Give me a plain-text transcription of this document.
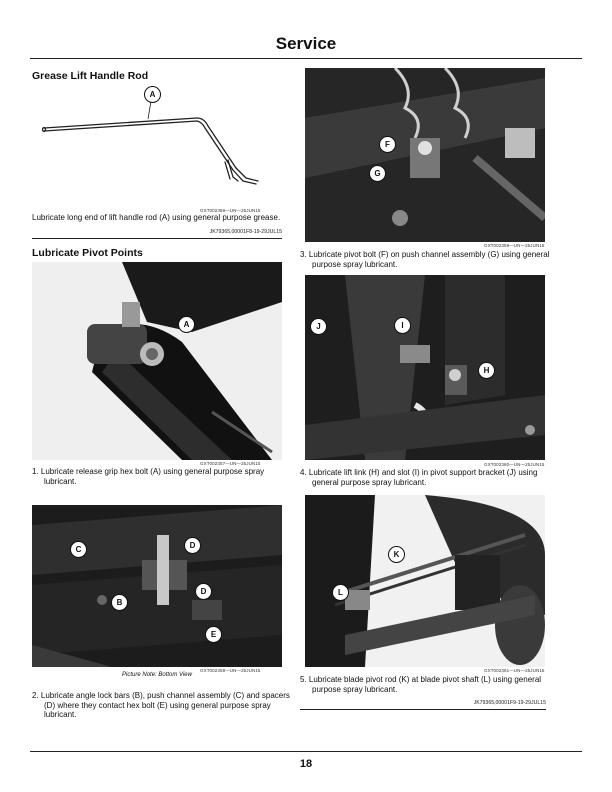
Service
Grease Lift Handle Rod
A
GXT002359—UN—25JUN15
Lubricate long end of lift handle rod (A) using general purpose grease.
JK79365,00001F8-19-29JUL15
Lubricate Pivot Points
A
GXT002357—UN—25JUN15
1. Lubricate release grip hex bolt (A) using general purpose spray lubricant.
C	D
B
D
E
Picture Note: Bottom View
GXT002358—UN—25JUN15
2. Lubricate angle lock bars (B), push channel assembly (C) and spacers (D) where they contact hex bolt (E) using general purpose spray lubricant.
F
G
GXT002359—UN—25JUN15
3. Lubricate pivot bolt (F) on push channel assembly (G) using general purpose spray lubricant.
J	I
H
GXT002360—UN—25JUN15
4. Lubricate lift link (H) and slot (I) in pivot support bracket (J) using general purpose spray lubricant.
K
L
GXT002361—UN—25JUN15
5. Lubricate blade pivot rod (K) at blade pivot shaft (L) using general purpose spray lubricant.
JK79365,00001F9-19-29JUL15
18
